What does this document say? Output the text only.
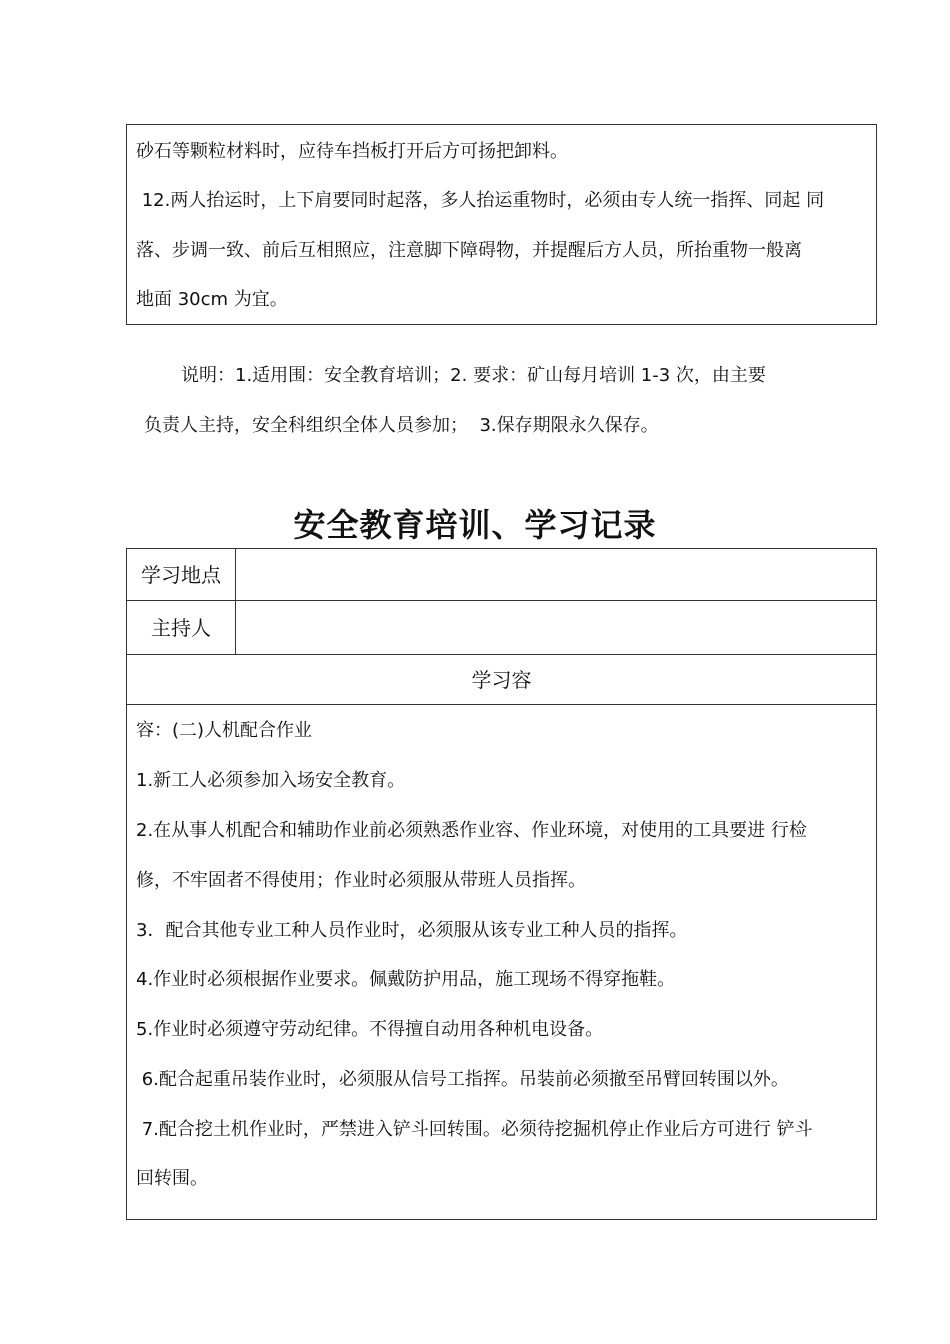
砂石等颗粒材料时，应待车挡板打开后方可扬把卸料。
12.两人抬运时，上下肩要同时起落，多人抬运重物时，必须由专人统一指挥、同起 同
落、步调一致、前后互相照应，注意脚下障碍物，并提醒后方人员，所抬重物一般离
地面 30cm 为宜。
说明：1.适用围：安全教育培训；2. 要求：矿山每月培训 1-3 次，由主要
负责人主持，安全科组织全体人员参加；  3.保存期限永久保存。
安全教育培训、学习记录
学习地点
主持人
学习容
容：(二)人机配合作业
1.新工人必须参加入场安全教育。
2.在从事人机配合和辅助作业前必须熟悉作业容、作业环境，对使用的工具要进 行检
修，不牢固者不得使用；作业时必须服从带班人员指挥。
3．配合其他专业工种人员作业时，必须服从该专业工种人员的指挥。
4.作业时必须根据作业要求。佩戴防护用品，施工现场不得穿拖鞋。
5.作业时必须遵守劳动纪律。不得擅自动用各种机电设备。
6.配合起重吊装作业时，必须服从信号工指挥。吊装前必须撤至吊臂回转围以外。
7.配合挖土机作业时，严禁进入铲斗回转围。必须待挖掘机停止作业后方可进行 铲斗
回转围。
